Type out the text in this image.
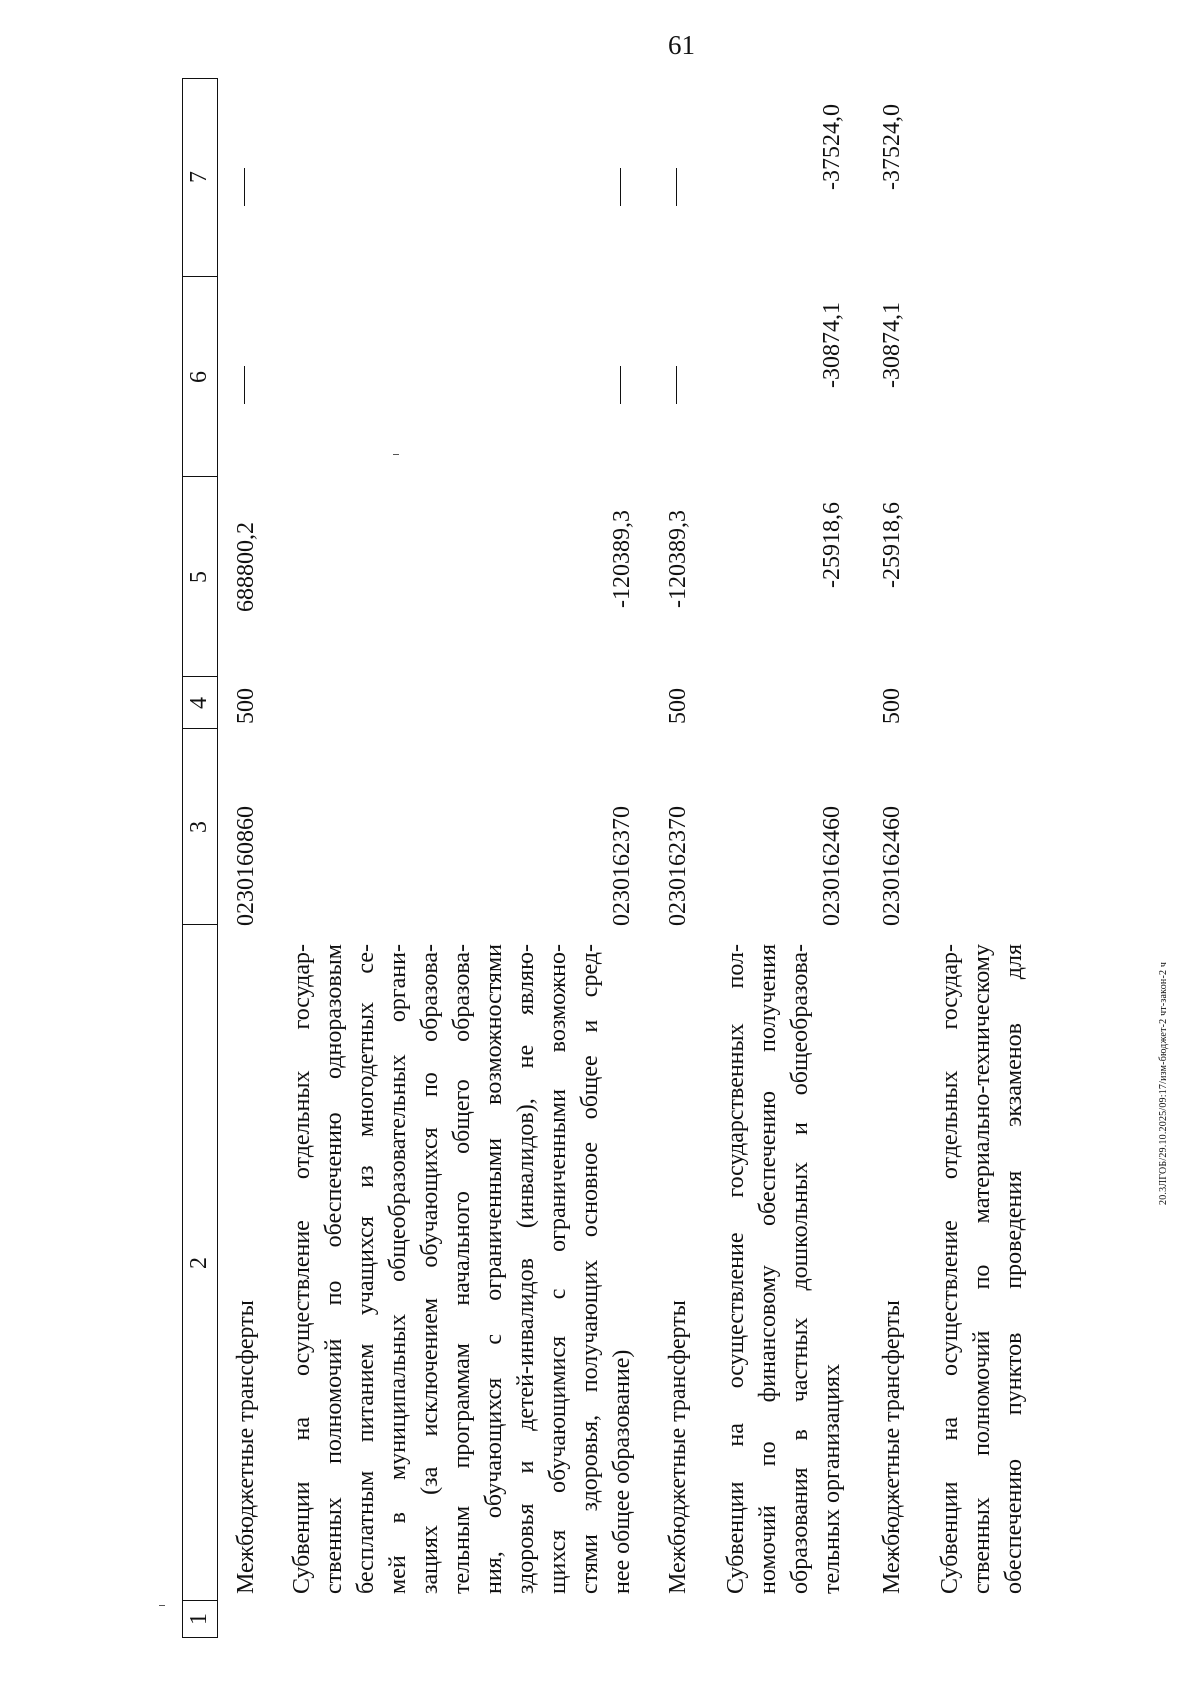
61
20.3ЛГОБ/29.10.2025/09:17/изм-бюджет-2 чт-закон-2 ч
1
2
3
4
5
6
7
Межбюджетные трансферты
0230160860
500
688800,2
Субвенции на осуществление отдельных государ- ственных полномочий по обеспечению одноразовым бесплатным питанием учащихся из многодетных се- мей в муниципальных общеобразовательных органи- зациях (за исключением обучающихся по образова- тельным программам начального общего образова- ния, обучающихся с ограниченными возможностями здоровья и детей-инвалидов (инвалидов), не являю- щихся обучающимися с ограниченными возможно- стями здоровья, получающих основное общее и сред- нее общее образование)
0230162370
-120389,3
Межбюджетные трансферты
0230162370
500
-120389,3
Субвенции на осуществление государственных пол- номочий по финансовому обеспечению получения образования в частных дошкольных и общеобразова- тельных организациях
0230162460
-25918,6
-30874,1
-37524,0
Межбюджетные трансферты
0230162460
500
-25918,6
-30874,1
-37524,0
Субвенции на осуществление отдельных государ- ственных полномочий по материально-техническому обеспечению пунктов проведения экзаменов для
